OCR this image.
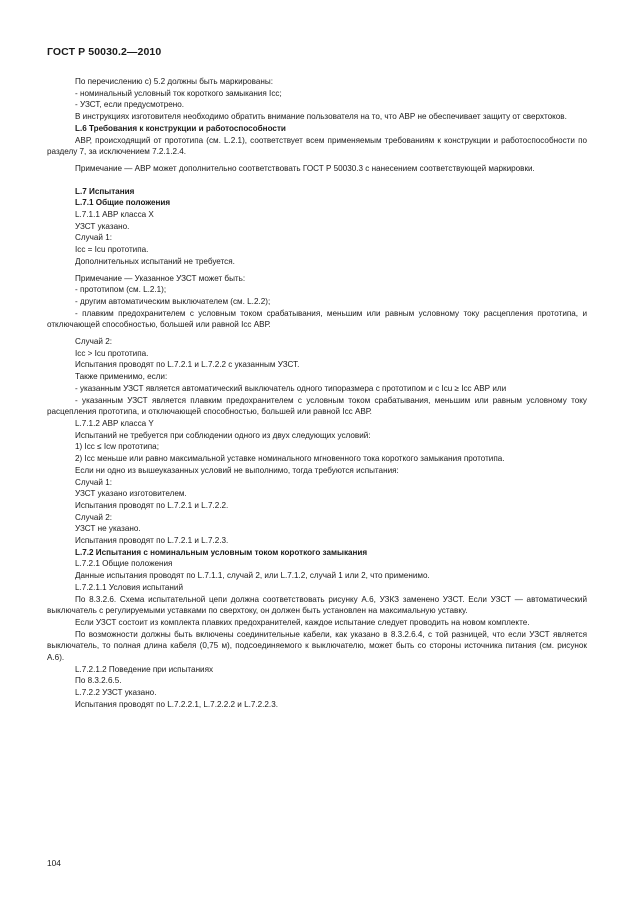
ГОСТ Р 50030.2—2010

По перечислению с) 5.2 должны быть маркированы:

- номинальный условный ток короткого замыкания Icc;

- УЗСТ, если предусмотрено.

В инструкциях изготовителя необходимо обратить внимание пользователя на то, что АВР не обеспечивает защиту от сверхтоков.

L.6 Требования к конструкции и работоспособности

АВР, происходящий от прототипа (см. L.2.1), соответствует всем применяемым требованиям к конструкции и работоспособности по разделу 7, за исключением 7.2.1.2.4.

Примечание — АВР может дополнительно соответствовать ГОСТ Р 50030.3 с нанесением соответствующей маркировки.

L.7 Испытания

L.7.1 Общие положения

L.7.1.1 АВР класса X

УЗСТ указано.

Случай 1:

Icc = Icu прототипа.

Дополнительных испытаний не требуется.

Примечание — Указанное УЗСТ может быть:

- прототипом (см. L.2.1);

- другим автоматическим выключателем (см. L.2.2);

- плавким предохранителем с условным током срабатывания, меньшим или равным условному току расцепления прототипа, и отключающей способностью, большей или равной Icc АВР.

Случай 2:

Icc > Icu прототипа.

Испытания проводят по L.7.2.1 и L.7.2.2 с указанным УЗСТ.

Также применимо, если:

- указанным УЗСТ является автоматический выключатель одного типоразмера с прототипом и с Icu ≥ Icc АВР или

- указанным УЗСТ является плавким предохранителем с условным током срабатывания, меньшим или равным условному току расцепления прототипа, и отключающей способностью, большей или равной Icc АВР.

L.7.1.2 АВР класса Y

Испытаний не требуется при соблюдении одного из двух следующих условий:

1) Icc ≤ Icw прототипа;

2) Icc меньше или равно максимальной уставке номинального мгновенного тока короткого замыкания прототипа.

Если ни одно из вышеуказанных условий не выполнимо, тогда требуются испытания:

Случай 1:

УЗСТ указано изготовителем.

Испытания проводят по L.7.2.1 и L.7.2.2.

Случай 2:

УЗСТ не указано.

Испытания проводят по L.7.2.1 и L.7.2.3.

L.7.2 Испытания с номинальным условным током короткого замыкания

L.7.2.1 Общие положения

Данные испытания проводят по L.7.1.1, случай 2, или L.7.1.2, случай 1 или 2, что применимо.

L.7.2.1.1 Условия испытаний

По 8.3.2.6. Схема испытательной цепи должна соответствовать рисунку А.6, УЗКЗ заменено УЗСТ. Если УЗСТ — автоматический выключатель с регулируемыми уставками по сверхтоку, он должен быть установлен на максимальную уставку.

Если УЗСТ состоит из комплекта плавких предохранителей, каждое испытание следует проводить на новом комплекте.

По возможности должны быть включены соединительные кабели, как указано в 8.3.2.6.4, с той разницей, что если УЗСТ является выключатель, то полная длина кабеля (0,75 м), подсоединяемого к выключателю, может быть со стороны источника питания (см. рисунок А.6).

L.7.2.1.2 Поведение при испытаниях

По 8.3.2.6.5.

L.7.2.2 УЗСТ указано.

Испытания проводят по L.7.2.2.1, L.7.2.2.2 и L.7.2.2.3.

104
